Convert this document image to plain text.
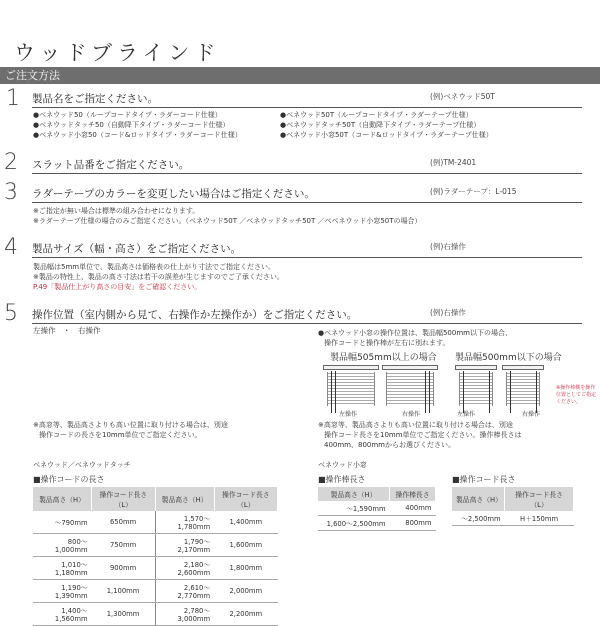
ウッドブラインド
ご注文方法
1 製品名をご指定ください。	(例)ベネウッド50T
●ベネウッド50（ループコードタイプ・ラダーコード仕様）
●ベネウッドタッチ50（自動降下タイプ・ラダーコード仕様）
●ベネウッド小窓50（コード&ロッドタイプ・ラダーコード仕様）
●ベネウッド50T（ループコードタイプ・ラダーテープ仕様）
●ベネウッドタッチ50T（自動降下タイプ・ラダーテープ仕様）
●ベネウッド小窓50T（コード&ロッドタイプ・ラダーテープ仕様）
2 スラット品番をご指定ください。	(例)TM-2401
3 ラダーテープのカラーを変更したい場合はご指定ください。	(例)ラダーテープ：L-015
※ご指定が無い場合は標準の組み合わせになります。
※ラダーテープ仕様の場合のみご指定ください。（ベネウッド50T ／ベネウッドタッチ50T ／べベネウッド小窓50Tの場合）
4 製品サイズ（幅・高さ）をご指定ください。	(例)右操作
製品幅は5mm単位で、製品高さは価格表の仕上がり寸法でご指定ください。
※製品の特性上、製品の高さ寸法は若干の誤差が生じますのでご了承ください。
P.49「製品仕上がり高さの目安」をご確認ください。
5 操作位置（室内側から見て、右操作か左操作か）をご指定ください。	(例)右操作
左操作　・　右操作	●ベネウッド小窓の操作位置は、製品幅500mm以下の場合、
操作コードと操作棒が左右に別れます。
製品幅505mm以上の場合 製品幅500mm以下の場合
左操作	右操作	左操作	右操作
※操作棒側を操作位置としてご指定ください。
※高窓等、製品高さよりも高い位置に取り付ける場合は、別途
操作コードの長さを10mm単位でご指定ください。
※高窓等、製品高さよりも高い位置に取り付ける場合は、別途
操作コード長さを10mm単位でご指定ください。操作棒長さは
400mm、800mmからお選びください。
ベネウッド／ベネウッドタッチ	ベネウッド小窓
■操作コードの長さ
製品高さ（H）	操作コード長さ（L）	製品高さ（H）	操作コード長さ（L）
～790mm	650mm	1,570～1,780mm	1,400mm
800～1,000mm	750mm	1,790～2,170mm	1,600mm
1,010～1,180mm	900mm	2,180～2,600mm	1,800mm
1,190～1,390mm	1,100mm	2,610～2,770mm	2,000mm
1,400～1,560mm	1,300mm	2,780～3,000mm	2,200mm
■操作棒長さ
製品高さ（H）	操作棒長さ
～1,590mm	400mm
1,600～2,500mm	800mm
■操作コード長さ
製品高さ（H）	操作コード長さ（L）
～2,500mm	H＋150mm
